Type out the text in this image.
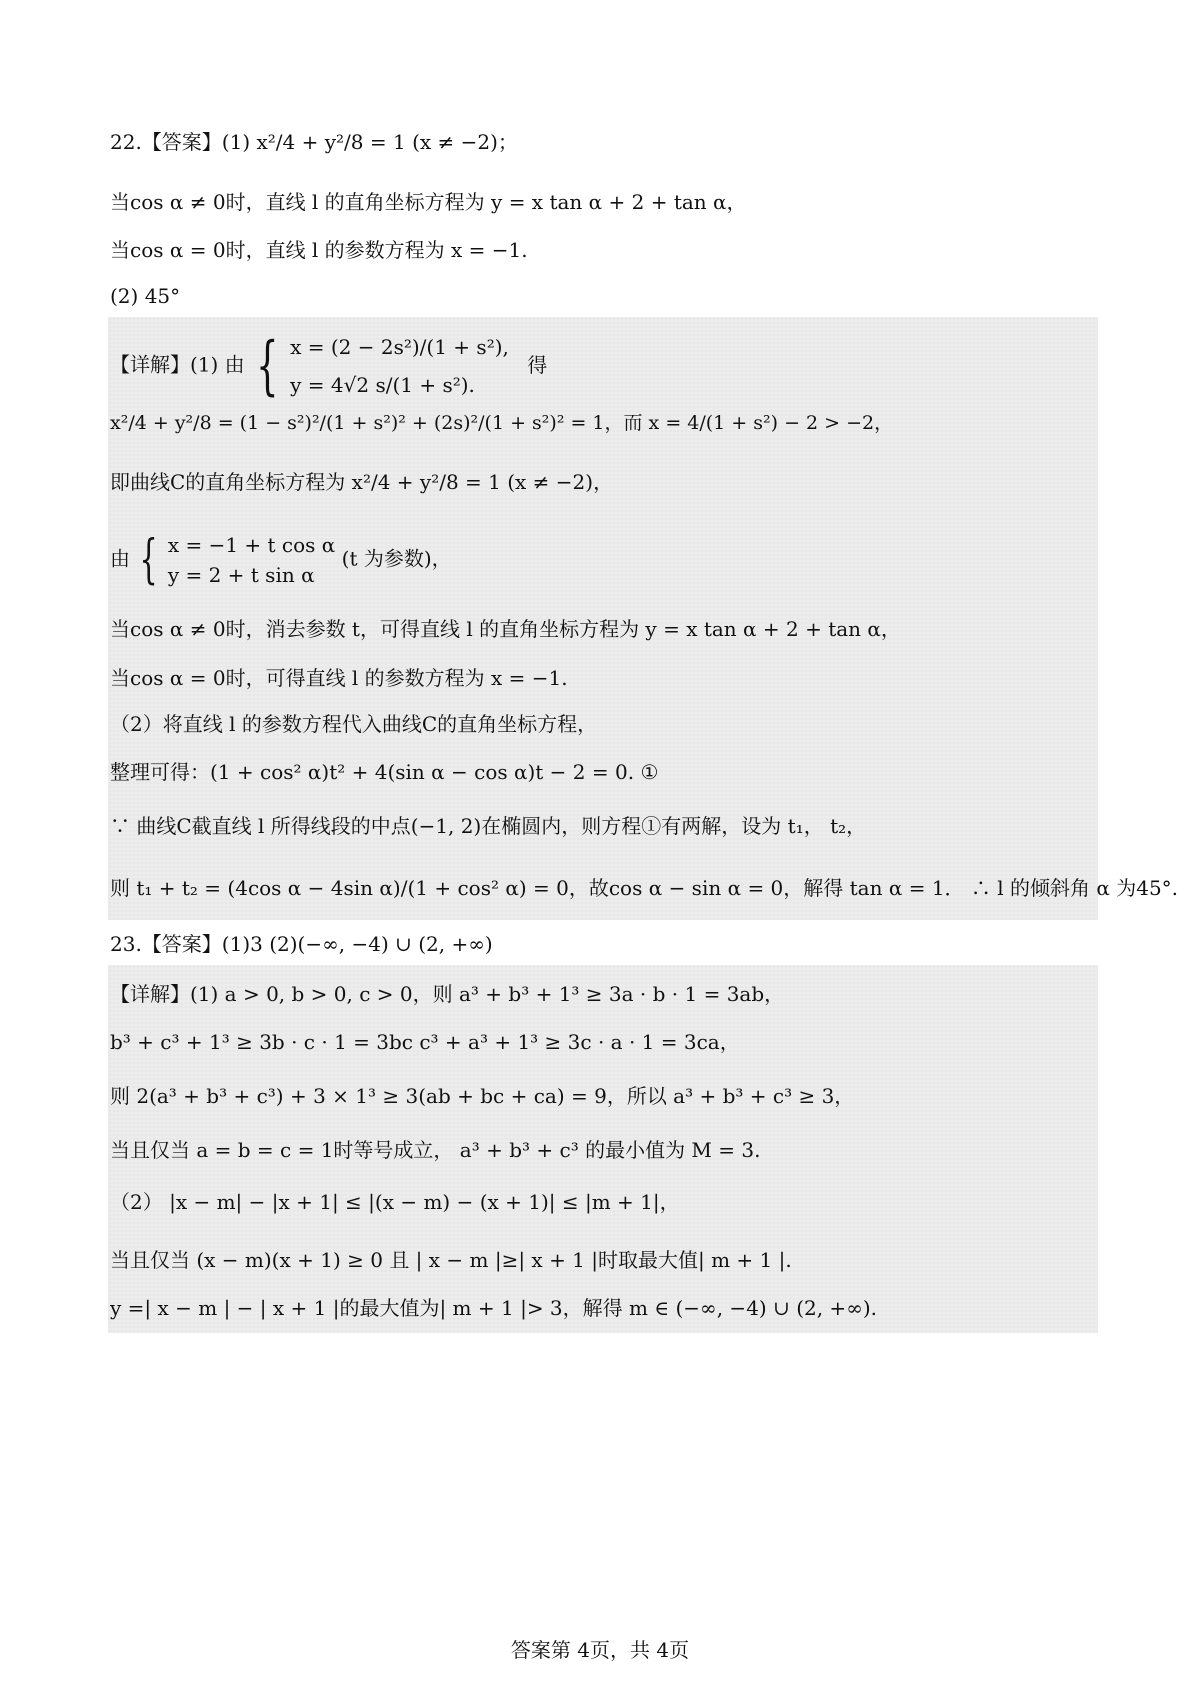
22.【答案】(1) x²/4 + y²/8 = 1 (x ≠ −2)；
当cos α ≠ 0时，直线 l 的直角坐标方程为 y = x tan α + 2 + tan α，
当cos α = 0时，直线 l 的参数方程为 x = −1.
(2) 45°
【详解】(1) 由 { x = (2 − 2s²)/(1 + s²),
y = 4√2 s/(1 + s²).
得
x²/4 + y²/8 = (1 − s²)²/(1 + s²)² + (2s)²/(1 + s²)² = 1，而 x = 4/(1 + s²) − 2 > −2，
即曲线C的直角坐标方程为 x²/4 + y²/8 = 1 (x ≠ −2)，
由 { x = −1 + t cos α
y = 2 + t sin α
(t 为参数)，
当cos α ≠ 0时，消去参数 t，可得直线 l 的直角坐标方程为 y = x tan α + 2 + tan α，
当cos α = 0时，可得直线 l 的参数方程为 x = −1.
（2）将直线 l 的参数方程代入曲线C的直角坐标方程，
整理可得：(1 + cos² α)t² + 4(sin α − cos α)t − 2 = 0. ①
∵ 曲线C截直线 l 所得线段的中点(−1, 2)在椭圆内，则方程①有两解，设为 t₁， t₂，
则 t₁ + t₂ = (4cos α − 4sin α)/(1 + cos² α) = 0，故cos α − sin α = 0，解得 tan α = 1． ∴ l 的倾斜角 α 为45°.
23.【答案】(1)3 (2)(−∞, −4) ∪ (2, +∞)
【详解】(1) a > 0, b > 0, c > 0，则 a³ + b³ + 1³ ≥ 3a · b · 1 = 3ab，
b³ + c³ + 1³ ≥ 3b · c · 1 = 3bc c³ + a³ + 1³ ≥ 3c · a · 1 = 3ca，
则 2(a³ + b³ + c³) + 3 × 1³ ≥ 3(ab + bc + ca) = 9，所以 a³ + b³ + c³ ≥ 3，
当且仅当 a = b = c = 1时等号成立， a³ + b³ + c³ 的最小值为 M = 3.
（2） |x − m| − |x + 1| ≤ |(x − m) − (x + 1)| ≤ |m + 1|，
当且仅当 (x − m)(x + 1) ≥ 0 且 | x − m |≥| x + 1 |时取最大值| m + 1 |.
y =| x − m | − | x + 1 |的最大值为| m + 1 |> 3，解得 m ∈ (−∞, −4) ∪ (2, +∞).
答案第 4页，共 4页
